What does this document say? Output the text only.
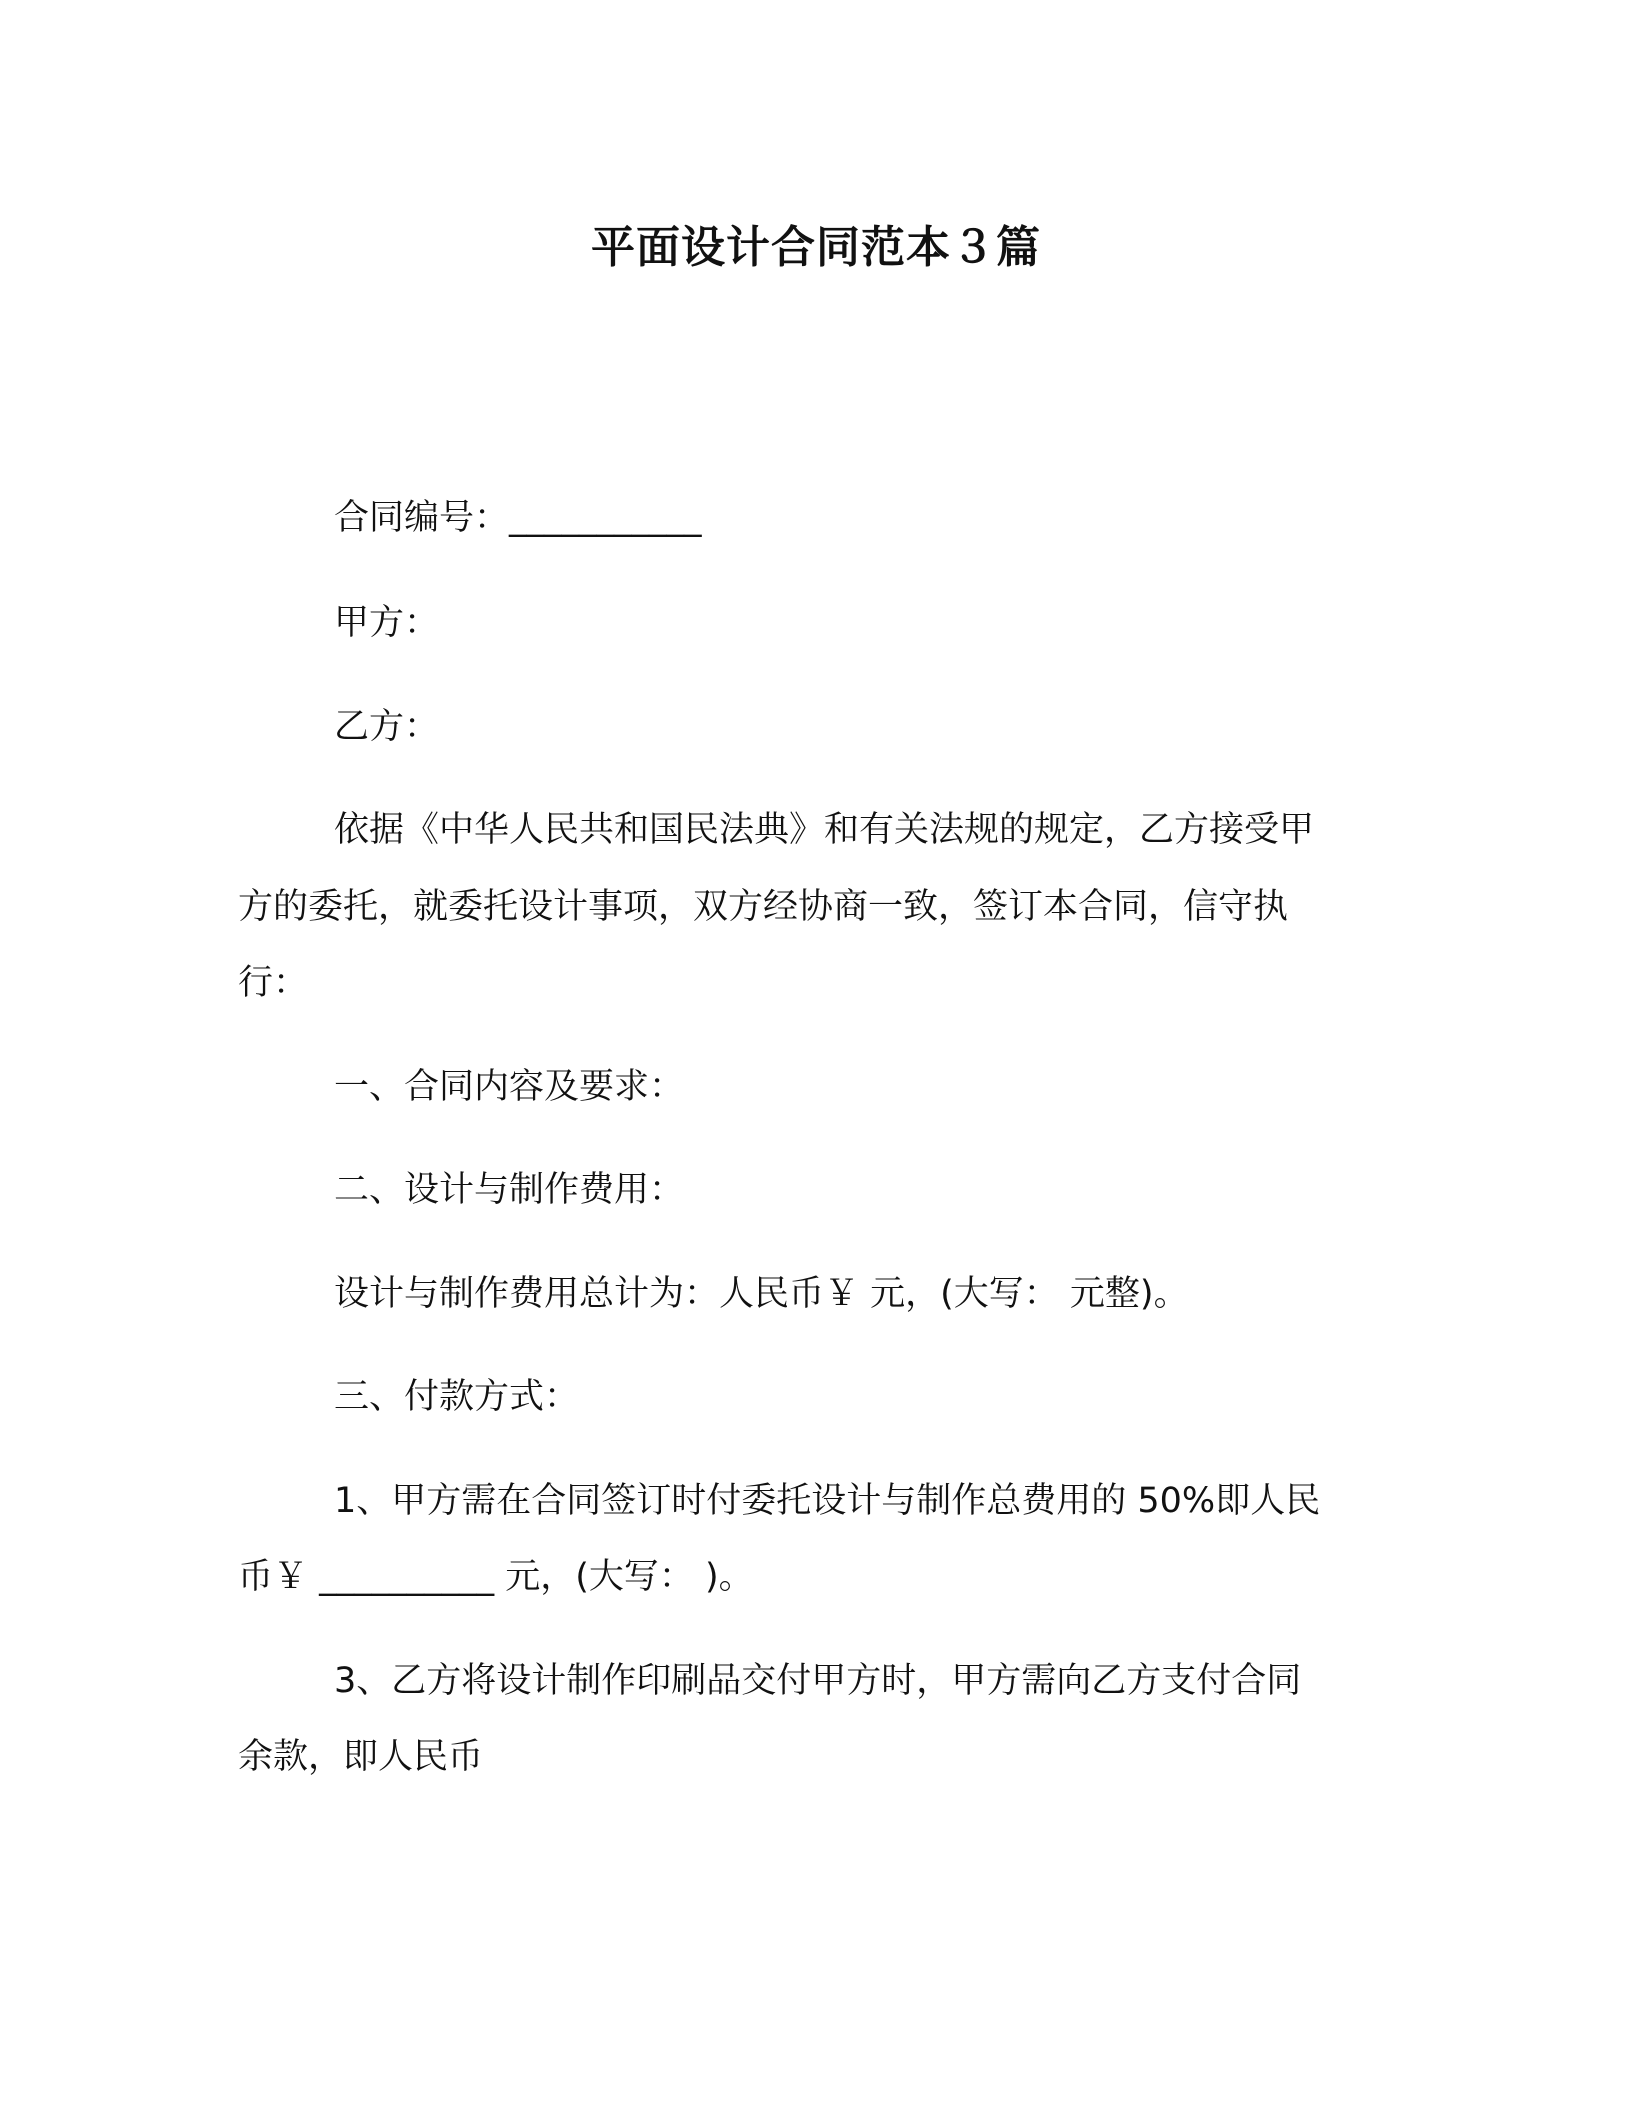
平面设计合同范本３篇
合同编号：___________
甲方：
乙方：
依据《中华人民共和国民法典》和有关法规的规定，乙方接受甲
方的委托，就委托设计事项，双方经协商一致，签订本合同，信守执
行：
一、合同内容及要求：
二、设计与制作费用：
设计与制作费用总计为：人民币￥ 元，(大写： 元整)。
三、付款方式：
1、甲方需在合同签订时付委托设计与制作总费用的 50%即人民
币￥ __________ 元，(大写： )。
3、乙方将设计制作印刷品交付甲方时，甲方需向乙方支付合同
余款，即人民币
